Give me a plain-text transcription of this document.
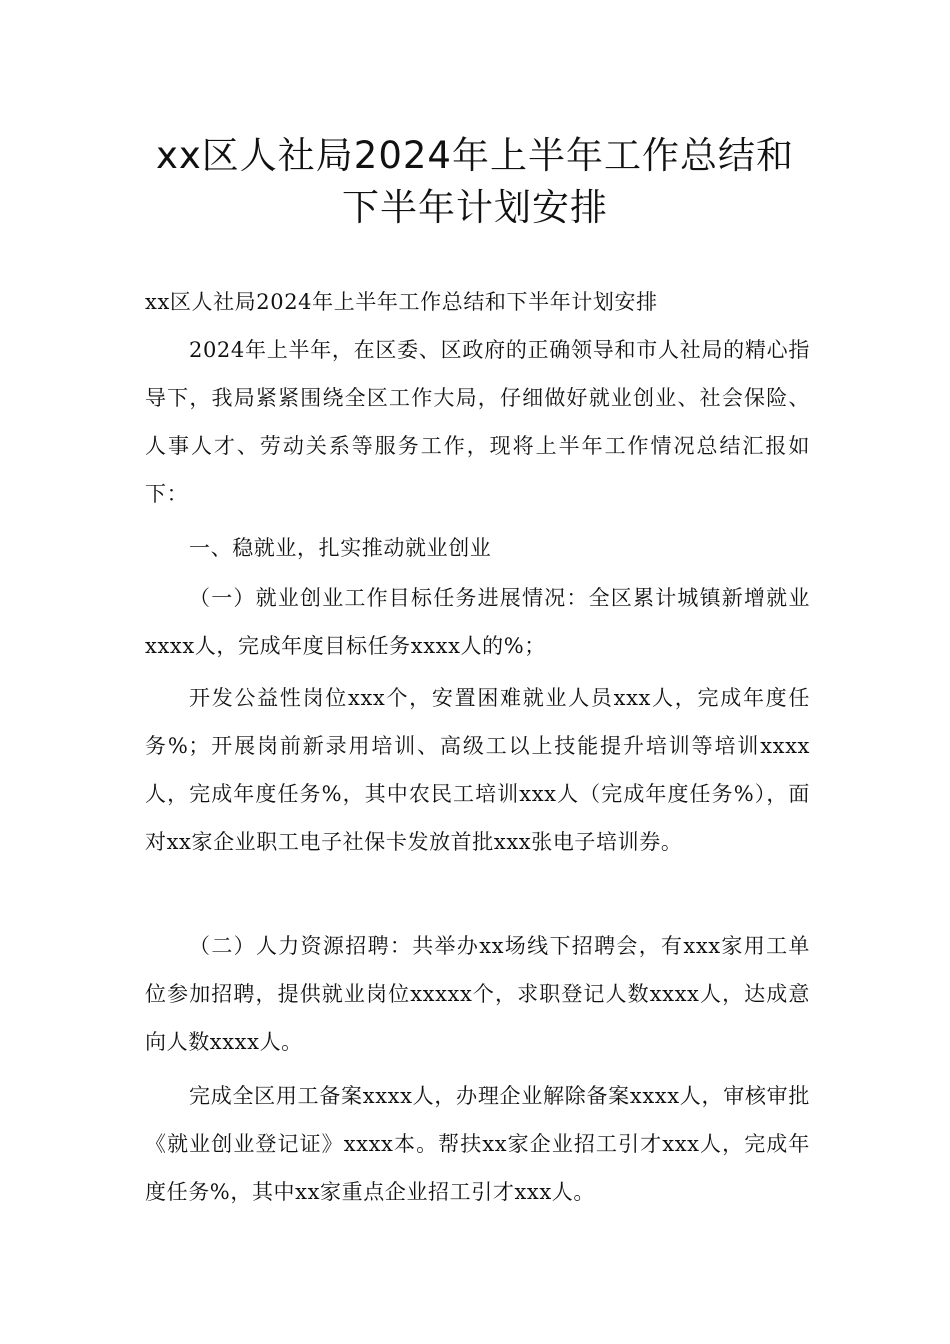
xx区人社局2024年上半年工作总结和
下半年计划安排

xx区人社局2024年上半年工作总结和下半年计划安排

2024年上半年，在区委、区政府的正确领导和市人社局的精心指导下，我局紧紧围绕全区工作大局，仔细做好就业创业、社会保险、人事人才、劳动关系等服务工作，现将上半年工作情况总结汇报如下：

一、稳就业，扎实推动就业创业

（一）就业创业工作目标任务进展情况：全区累计城镇新增就业xxxx人，完成年度目标任务xxxx人的%；

开发公益性岗位xxx个，安置困难就业人员xxx人，完成年度任务%；开展岗前新录用培训、高级工以上技能提升培训等培训xxxx人，完成年度任务%，其中农民工培训xxx人（完成年度任务%），面对xx家企业职工电子社保卡发放首批xxx张电子培训券。

（二）人力资源招聘：共举办xx场线下招聘会，有xxx家用工单位参加招聘，提供就业岗位xxxxx个，求职登记人数xxxx人，达成意向人数xxxx人。

完成全区用工备案xxxx人，办理企业解除备案xxxx人，审核审批《就业创业登记证》xxxx本。帮扶xx家企业招工引才xxx人，完成年度任务%，其中xx家重点企业招工引才xxx人。
